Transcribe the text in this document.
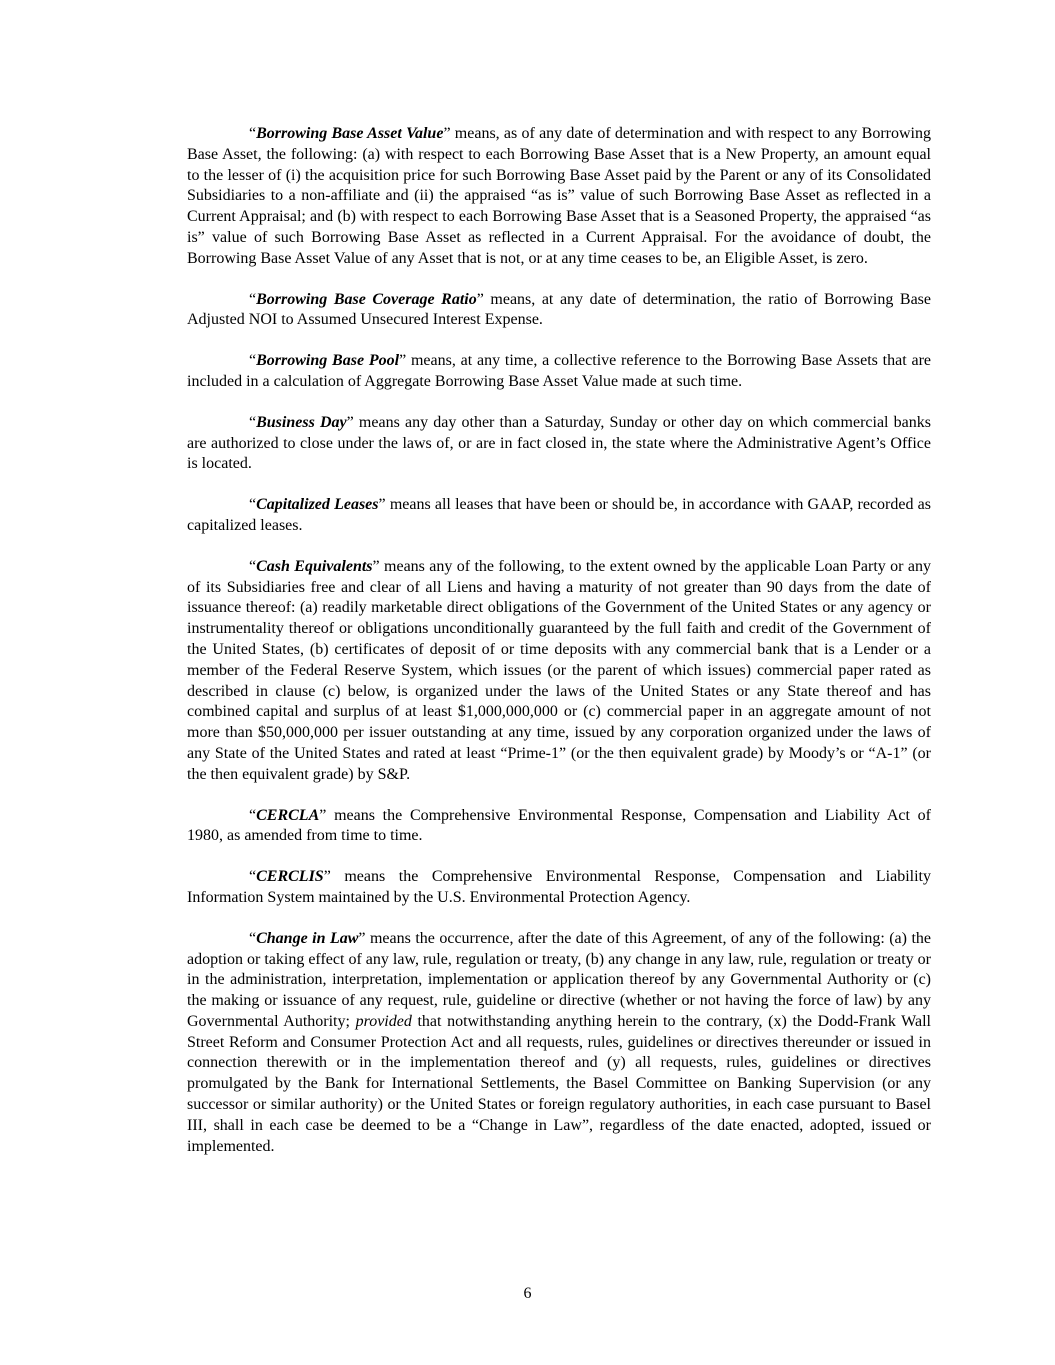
“Borrowing Base Asset Value” means, as of any date of determination and with respect to any Borrowing Base Asset, the following: (a) with respect to each Borrowing Base Asset that is a New Property, an amount equal to the lesser of (i) the acquisition price for such Borrowing Base Asset paid by the Parent or any of its Consolidated Subsidiaries to a non-affiliate and (ii) the appraised “as is” value of such Borrowing Base Asset as reflected in a Current Appraisal; and (b) with respect to each Borrowing Base Asset that is a Seasoned Property, the appraised “as is” value of such Borrowing Base Asset as reflected in a Current Appraisal. For the avoidance of doubt, the Borrowing Base Asset Value of any Asset that is not, or at any time ceases to be, an Eligible Asset, is zero.

“Borrowing Base Coverage Ratio” means, at any date of determination, the ratio of Borrowing Base Adjusted NOI to Assumed Unsecured Interest Expense.

“Borrowing Base Pool” means, at any time, a collective reference to the Borrowing Base Assets that are included in a calculation of Aggregate Borrowing Base Asset Value made at such time.

“Business Day” means any day other than a Saturday, Sunday or other day on which commercial banks are authorized to close under the laws of, or are in fact closed in, the state where the Administrative Agent’s Office is located.

“Capitalized Leases” means all leases that have been or should be, in accordance with GAAP, recorded as capitalized leases.

“Cash Equivalents” means any of the following, to the extent owned by the applicable Loan Party or any of its Subsidiaries free and clear of all Liens and having a maturity of not greater than 90 days from the date of issuance thereof: (a) readily marketable direct obligations of the Government of the United States or any agency or instrumentality thereof or obligations unconditionally guaranteed by the full faith and credit of the Government of the United States, (b) certificates of deposit of or time deposits with any commercial bank that is a Lender or a member of the Federal Reserve System, which issues (or the parent of which issues) commercial paper rated as described in clause (c) below, is organized under the laws of the United States or any State thereof and has combined capital and surplus of at least $1,000,000,000 or (c) commercial paper in an aggregate amount of not more than $50,000,000 per issuer outstanding at any time, issued by any corporation organized under the laws of any State of the United States and rated at least “Prime-1” (or the then equivalent grade) by Moody’s or “A-1” (or the then equivalent grade) by S&P.

“CERCLA” means the Comprehensive Environmental Response, Compensation and Liability Act of 1980, as amended from time to time.

“CERCLIS” means the Comprehensive Environmental Response, Compensation and Liability Information System maintained by the U.S. Environmental Protection Agency.

“Change in Law” means the occurrence, after the date of this Agreement, of any of the following: (a) the adoption or taking effect of any law, rule, regulation or treaty, (b) any change in any law, rule, regulation or treaty or in the administration, interpretation, implementation or application thereof by any Governmental Authority or (c) the making or issuance of any request, rule, guideline or directive (whether or not having the force of law) by any Governmental Authority; provided that notwithstanding anything herein to the contrary, (x) the Dodd-Frank Wall Street Reform and Consumer Protection Act and all requests, rules, guidelines or directives thereunder or issued in connection therewith or in the implementation thereof and (y) all requests, rules, guidelines or directives promulgated by the Bank for International Settlements, the Basel Committee on Banking Supervision (or any successor or similar authority) or the United States or foreign regulatory authorities, in each case pursuant to Basel III, shall in each case be deemed to be a “Change in Law”, regardless of the date enacted, adopted, issued or implemented.

6
